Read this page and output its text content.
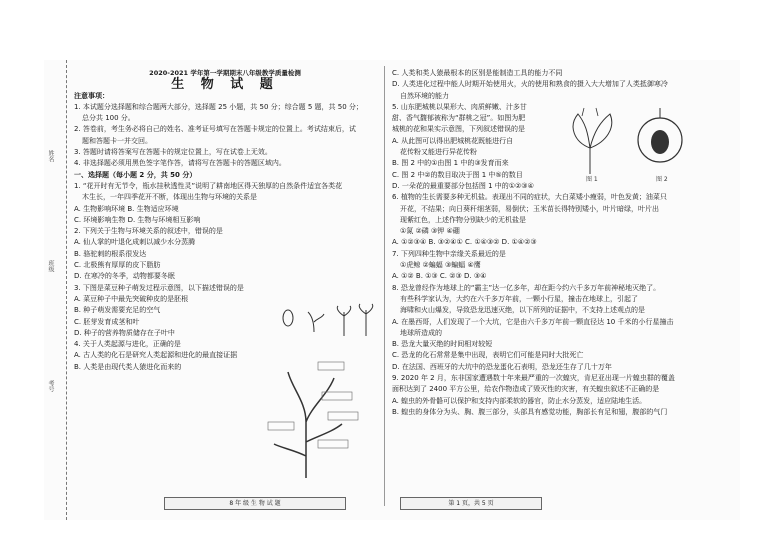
姓名
班级
考号

2020-2021 学年第一学期期末八年级教学质量检测

生 物 试 题

注意事项：

1. 本试题分选择题和综合题两大部分，选择题 25 小题，共 50 分；综合题 5 题，共 50 分；

总分共 100 分。

2. 答卷前，考生务必将自己的姓名、准考证号填写在答题卡规定的位置上。考试结束后，试

题和答题卡一并交回。

3. 答题时请将答案写在答题卡的规定位置上，写在试卷上无效。

4. 非选择题必须用黑色签字笔作答，请将写在答题卡的答题区域内。

一、选择题（每小题 2 分，共 50 分）

1. “花开时有无节令，瓶水挂秋透性灵”说明了耕南地区得天独厚的自然条件适宜各类花

木生长，一年四季花开不断，体现出生物与环境的关系是

A. 生物影响环境 B. 生物适应环境

C. 环境影响生物 D. 生物与环境相互影响

2. 下列关于生物与环境关系的叙述中，错误的是

A. 仙人掌的叶退化成刺以减少水分蒸腾

B. 骆驼刺的根系很发达

C. 北极熊有厚厚的皮下脂肪

D. 在寒冷的冬季，动物都要冬眠

3. 下图是菜豆种子萌发过程示意图，以下描述错误的是

A. 菜豆种子中最先突破种皮的是胚根

B. 种子萌发需要充足的空气

C. 胚芽发育成茎和叶

D. 种子的营养物质储存在子叶中

4. 关于人类起源与进化，正确的是

A. 古人类的化石是研究人类起源和进化的最直接证据

B. 人类是由现代类人猿进化而来的

C. 人类和类人猿最根本的区别是能制造工具的能力不同

D. 人类进化过程中能人时期开始使用火，火的使用和熟食的摄入大大增加了人类抵御寒冷

自然环境的能力

5. 山东肥城桃以果形大、肉质鲜嫩、汁多甘

甜、香气馥郁被称为“群桃之冠”。如图为肥

城桃的花和果实示意图，下列叙述错误的是

A. 从此图可以得出肥城桃花既能进行自

花传粉又能进行异花传粉

B. 图 2 中的①由图 1 中的③发育而来

C. 图 2 中②的数目取决于图 1 中⑤的数目

D. 一朵花的最重要部分包括图 1 中的①②③④

6. 植物的生长需要多种无机盐。表现出不同的症状，大白菜矮小瘦弱，叶色发黄；油菜只

开花，不结果；向日葵秆细茎弱，易倒伏；玉米苗长得特别矮小，叶片暗绿，叶片出

现紫红色，上述作物分别缺少的无机盐是

①氮 ②磷 ③钾 ④硼

A. ①②③④ B. ③②④① C. ①④③② D. ①④②③

7. 下列四种生物中亲缘关系最近的是

①虎鲸 ②蝙蝠 ③蝙蝠 ④鹰

A. ①② B. ①③ C. ②③ D. ③④

8. 恐龙曾经作为地球上的“霸主”达一亿多年，却在距今约六千多万年前神秘地灭绝了。

有些科学家认为，大约在六千多万年前，一颗小行星，撞击在地球上，引起了

海啸和火山爆发，导致恐龙迅速灭绝，以下所列的证据中，不支持上述观点的是

A. 在墨西哥，人们发现了一个大坑，它是由六千多万年前一颗直径达 10 千米的小行星撞击

地球所造成的

B. 恐龙大量灭绝的时间相对较短

C. 恐龙的化石常常是集中出现，表明它们可能是同时大批死亡

D. 在法国、西班牙的大坑中的恐龙蛋化石表明，恐龙还生存了几十万年

9. 2020 年 2 月，东非国家遭遇数十年来最严重的一次蝗灾，肯尼亚出现一片蝗虫群的覆盖

面积达到了 2400 平方公里，给农作物造成了毁灭性的灾害，有关蝗虫叙述不正确的是

A. 蝗虫的外骨骼可以保护和支持内部柔软的器官，防止水分蒸发，适应陆地生活。

B. 蝗虫的身体分为头、胸、腹三部分，头部具有感觉功能，胸部长有足和翅，腹部的气门

图 1	图 2
8 年 级 生 物 试 题	第 1 页，共 5 页
